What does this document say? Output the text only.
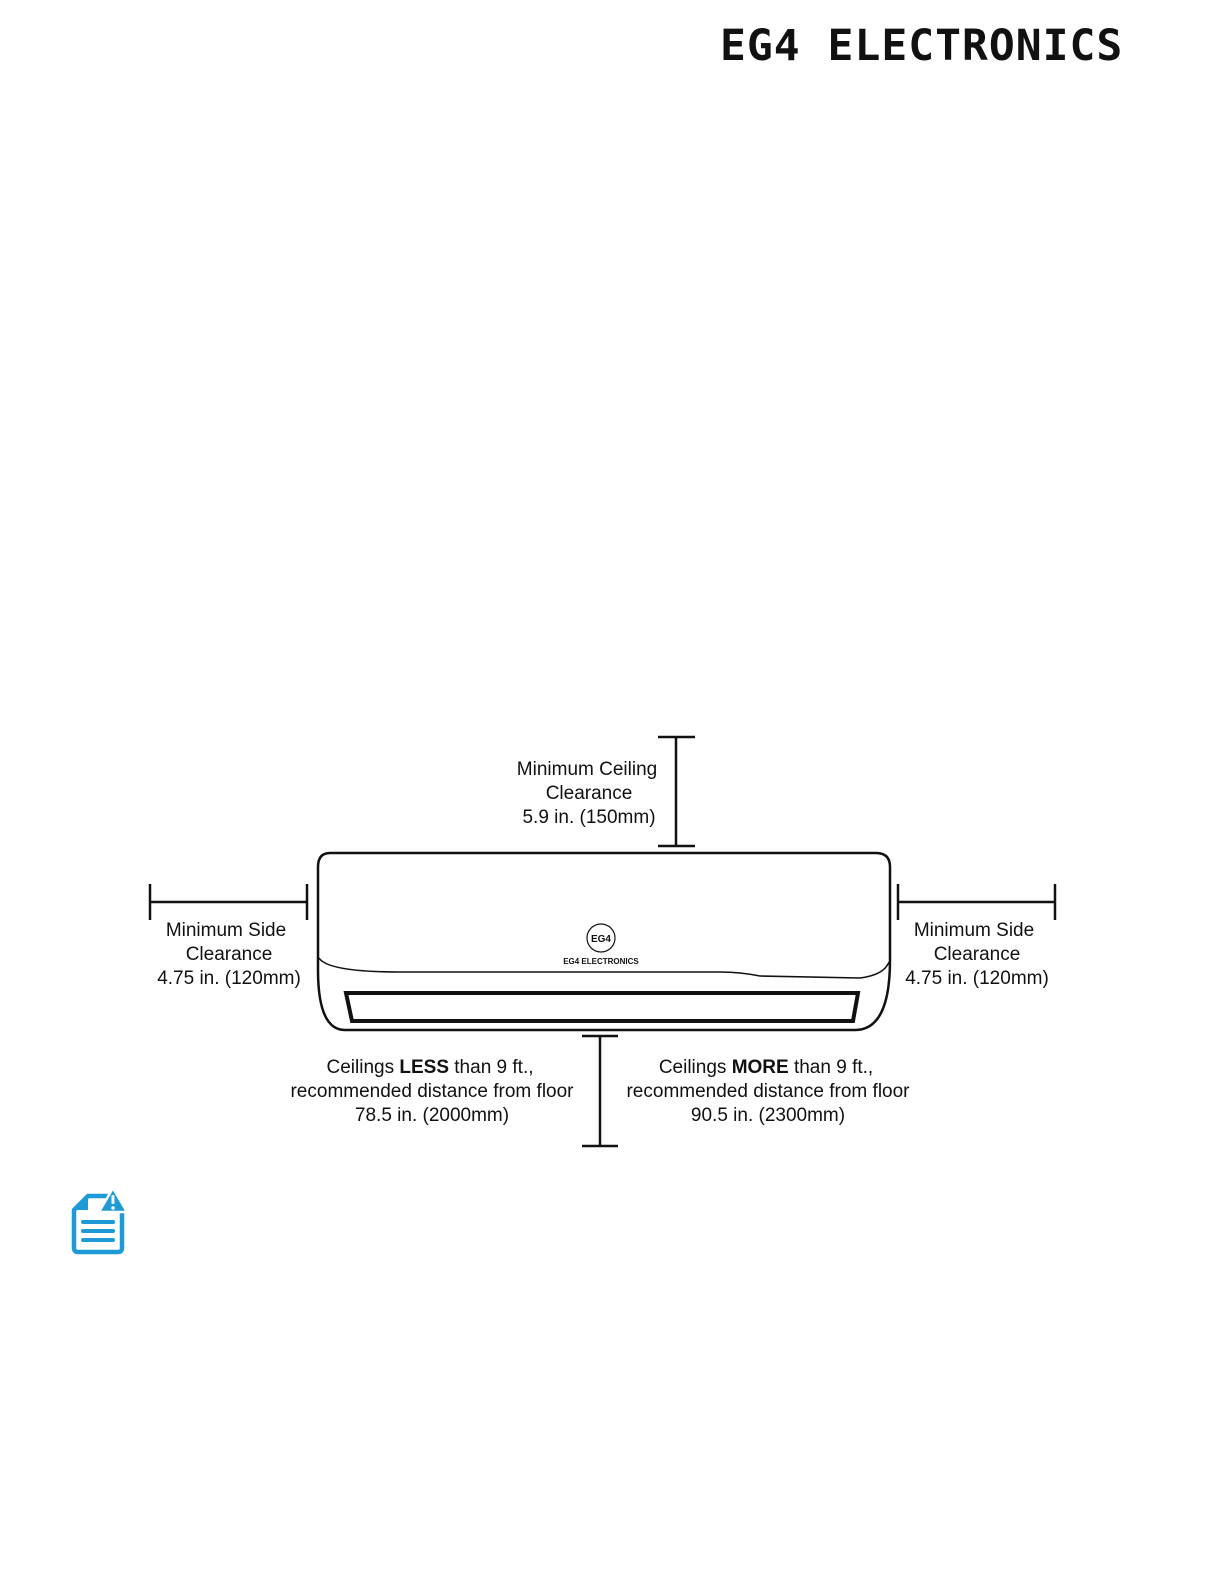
EG4 ELECTRONICS
EG4
EG4 ELECTRONICS
Minimum Ceiling
Clearance
5.9 in. (150mm)
Minimum Side
Clearance
4.75 in. (120mm)
Minimum Side
Clearance
4.75 in. (120mm)
Ceilings LESS than 9 ft.,
recommended distance from floor
78.5 in. (2000mm)
Ceilings MORE than 9 ft.,
recommended distance from floor
90.5 in. (2300mm)
